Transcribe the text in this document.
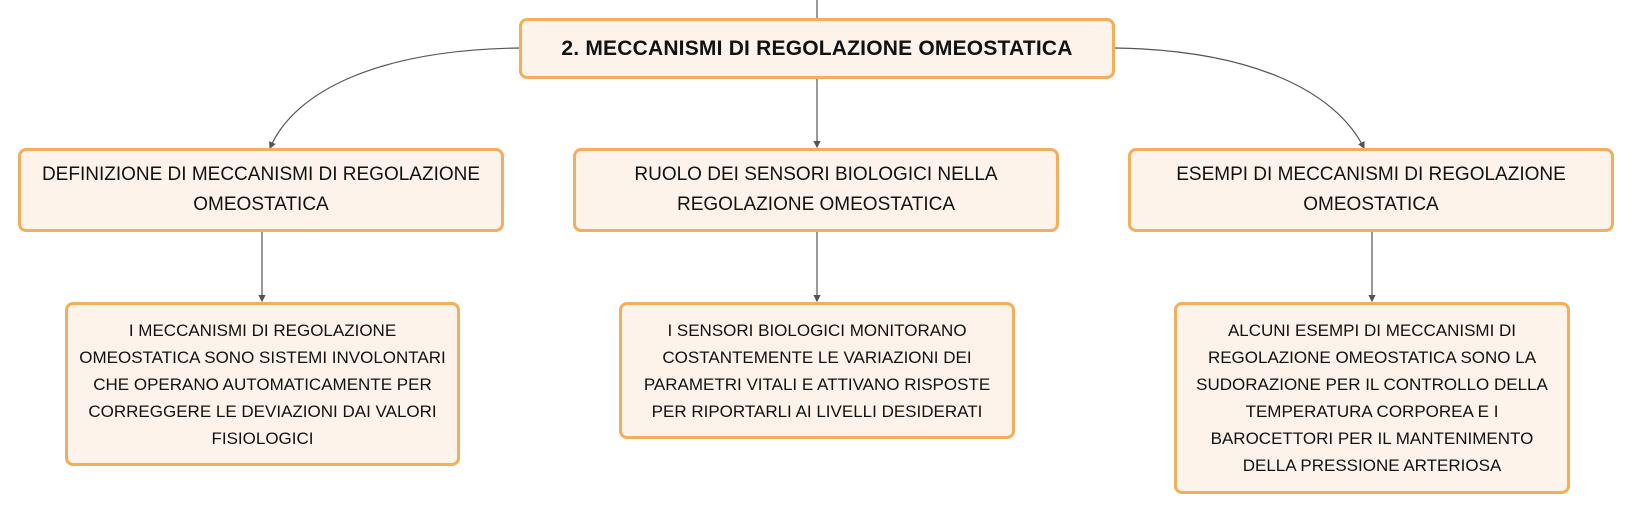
2. MECCANISMI DI REGOLAZIONE OMEOSTATICA
DEFINIZIONE DI MECCANISMI DI REGOLAZIONE OMEOSTATICA
RUOLO DEI SENSORI BIOLOGICI NELLA REGOLAZIONE OMEOSTATICA
ESEMPI DI MECCANISMI DI REGOLAZIONE OMEOSTATICA
I MECCANISMI DI REGOLAZIONE OMEOSTATICA SONO SISTEMI INVOLONTARI CHE OPERANO AUTOMATICAMENTE PER CORREGGERE LE DEVIAZIONI DAI VALORI FISIOLOGICI
I SENSORI BIOLOGICI MONITORANO COSTANTEMENTE LE VARIAZIONI DEI PARAMETRI VITALI E ATTIVANO RISPOSTE PER RIPORTARLI AI LIVELLI DESIDERATI
ALCUNI ESEMPI DI MECCANISMI DI REGOLAZIONE OMEOSTATICA SONO LA SUDORAZIONE PER IL CONTROLLO DELLA TEMPERATURA CORPOREA E I BAROCETTORI PER IL MANTENIMENTO DELLA PRESSIONE ARTERIOSA
